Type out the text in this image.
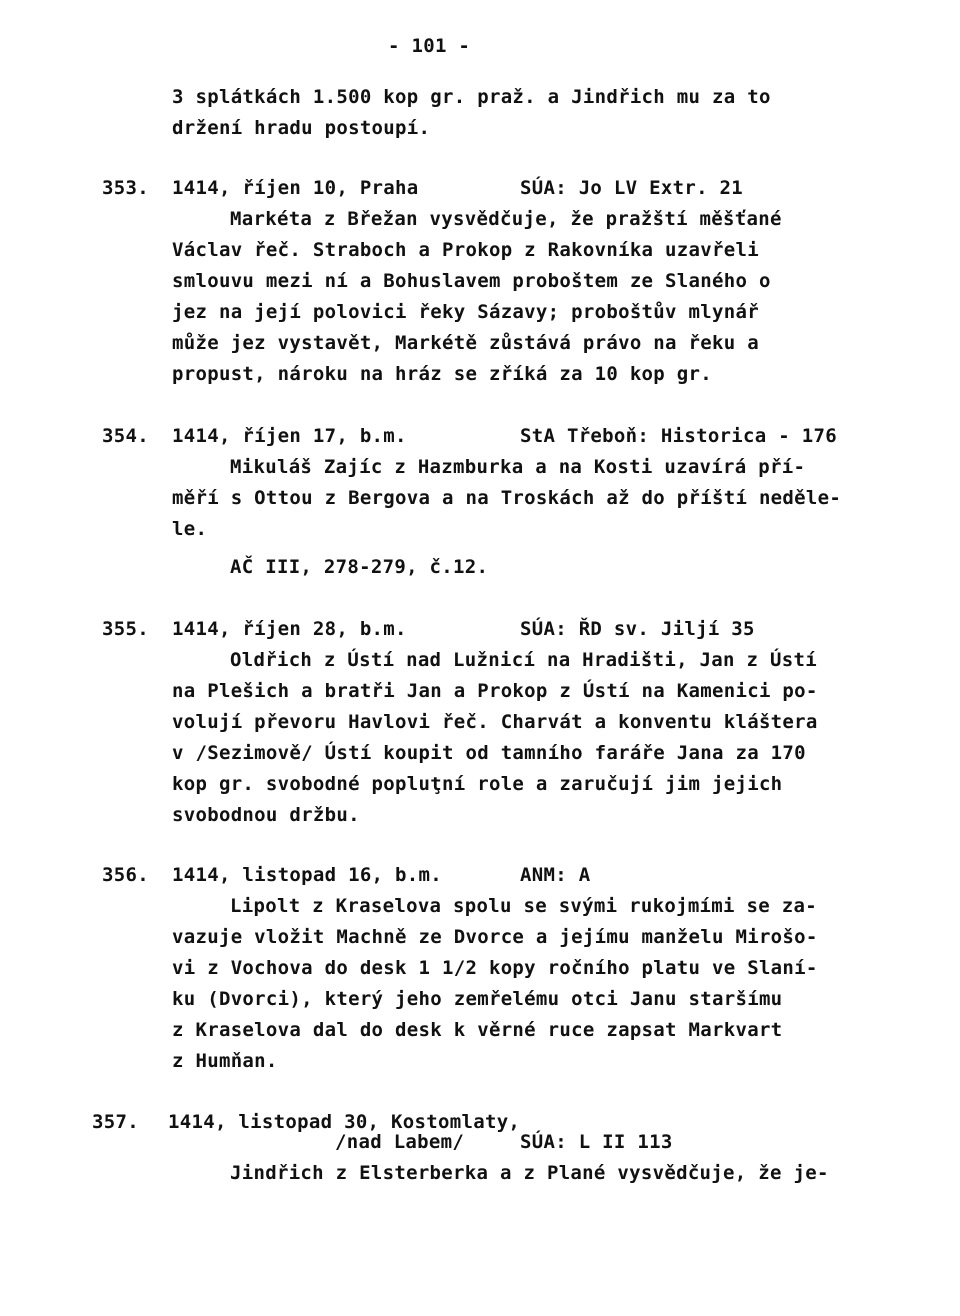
- 101 -
3 splátkách 1.500 kop gr. praž. a Jindřich mu za to
držení hradu postoupí.
353. 1414, říjen 10, Praha	SÚA: Jo LV Extr. 21
Markéta z Břežan vysvědčuje, že pražští měšťané
Václav řeč. Straboch a Prokop z Rakovníka uzavřeli
smlouvu mezi ní a Bohuslavem proboštem ze Slaného o
jez na její polovici řeky Sázavy; proboštův mlynář
může jez vystavět, Markétě zůstává právo na řeku a
propust, nároku na hráz se zříká za 10 kop gr.
354. 1414, říjen 17, b.m.	StA Třeboň: Historica - 176
Mikuláš Zajíc z Hazmburka a na Kosti uzavírá pří-
měří s Ottou z Bergova a na Troskách až do příští neděle-
le.
AČ III, 278-279, č.12.
355. 1414, říjen 28, b.m.	SÚA: ŘD sv. Jiljí 35
Oldřich z Ústí nad Lužnicí na Hradišti, Jan z Ústí
na Plešich a bratři Jan a Prokop z Ústí na Kamenici po-
volují převoru Havlovi řeč. Charvát a konventu kláštera
v /Sezimově/ Ústí koupit od tamního faráře Jana za 170
kop gr. svobodné popluţní role a zaručují jim jejich
svobodnou držbu.
356. 1414, listopad 16, b.m.	ANM: A
Lipolt z Kraselova spolu se svými rukojmími se za-
vazuje vložit Machně ze Dvorce a jejímu manželu Mirošo-
vi z Vochova do desk 1 1/2 kopy ročního platu ve Slaní-
ku (Dvorci), který jeho zemřelému otci Janu staršímu
z Kraselova dal do desk k věrné ruce zapsat Markvart
z Humňan.
357. 1414, listopad 30, Kostomlaty,
/nad Labem/	SÚA: L II 113
Jindřich z Elsterberka a z Plané vysvědčuje, že je-
